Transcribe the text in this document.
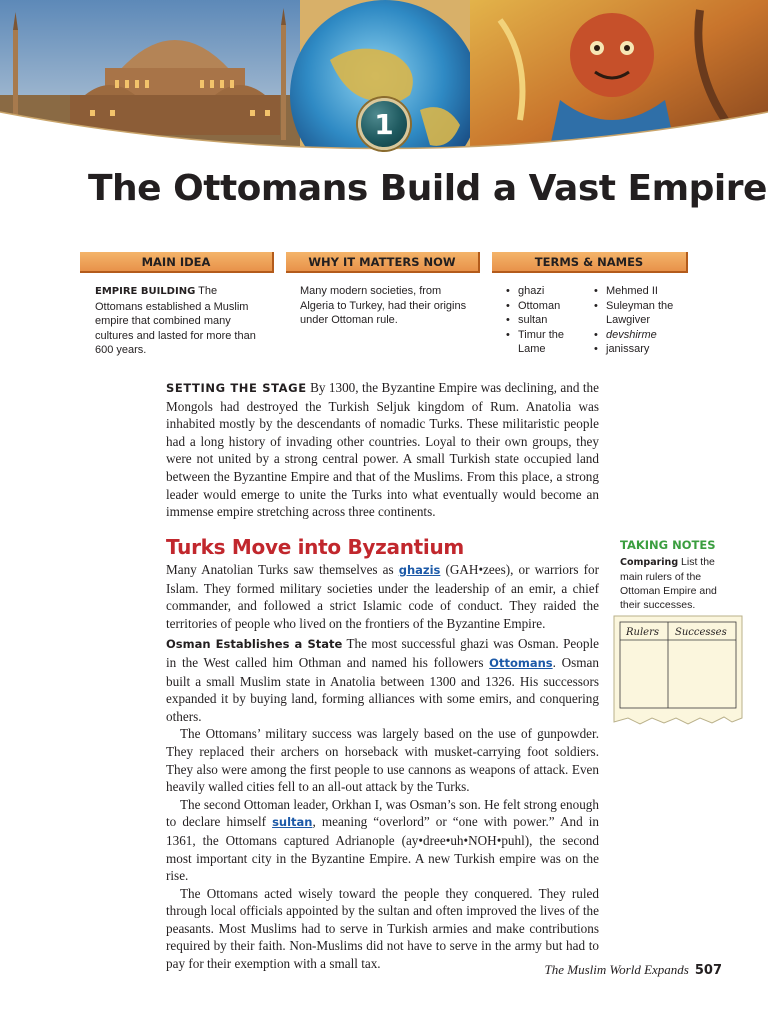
1
The Ottomans Build a Vast Empire
MAIN IDEA	WHY IT MATTERS NOW	TERMS & NAMES
EMPIRE BUILDING The Ottomans established a Muslim empire that combined many cultures and lasted for more than 600 years.
Many modern societies, from Algeria to Turkey, had their origins under Ottoman rule.
• ghazi
• Ottoman
• sultan
• Timur the Lame
• Mehmed II
• Suleyman the Lawgiver
• devshirme
• janissary
SETTING THE STAGE By 1300, the Byzantine Empire was declining, and the Mongols had destroyed the Turkish Seljuk kingdom of Rum. Anatolia was inhabited mostly by the descendants of nomadic Turks. These militaristic people had a long history of invading other countries. Loyal to their own groups, they were not united by a strong central power. A small Turkish state occupied land between the Byzantine Empire and that of the Muslims. From this place, a strong leader would emerge to unite the Turks into what eventually would become an immense empire stretching across three continents.
Turks Move into Byzantium

Many Anatolian Turks saw themselves as ghazis (GAH•zees), or warriors for Islam. They formed military societies under the leadership of an emir, a chief commander, and followed a strict Islamic code of conduct. They raided the territories of people who lived on the frontiers of the Byzantine Empire.

Osman Establishes a State The most successful ghazi was Osman. People in the West called him Othman and named his followers Ottomans. Osman built a small Muslim state in Anatolia between 1300 and 1326. His successors expanded it by buying land, forming alliances with some emirs, and conquering others.

The Ottomans’ military success was largely based on the use of gunpowder. They replaced their archers on horseback with musket-carrying foot soldiers. They also were among the first people to use cannons as weapons of attack. Even heavily walled cities fell to an all-out attack by the Turks.

The second Ottoman leader, Orkhan I, was Osman’s son. He felt strong enough to declare himself sultan, meaning “overlord” or “one with power.” And in 1361, the Ottomans captured Adrianople (ay•dree•uh•NOH•puhl), the second most important city in the Byzantine Empire. A new Turkish empire was on the rise.

The Ottomans acted wisely toward the people they conquered. They ruled through local officials appointed by the sultan and often improved the lives of the peasants. Most Muslims had to serve in Turkish armies and make contributions required by their faith. Non-Muslims did not have to serve in the army but had to pay for their exemption with a small tax.

TAKING NOTES
Comparing List the main rulers of the Ottoman Empire and their successes.
Rulers Successes
The Muslim World Expands 507
